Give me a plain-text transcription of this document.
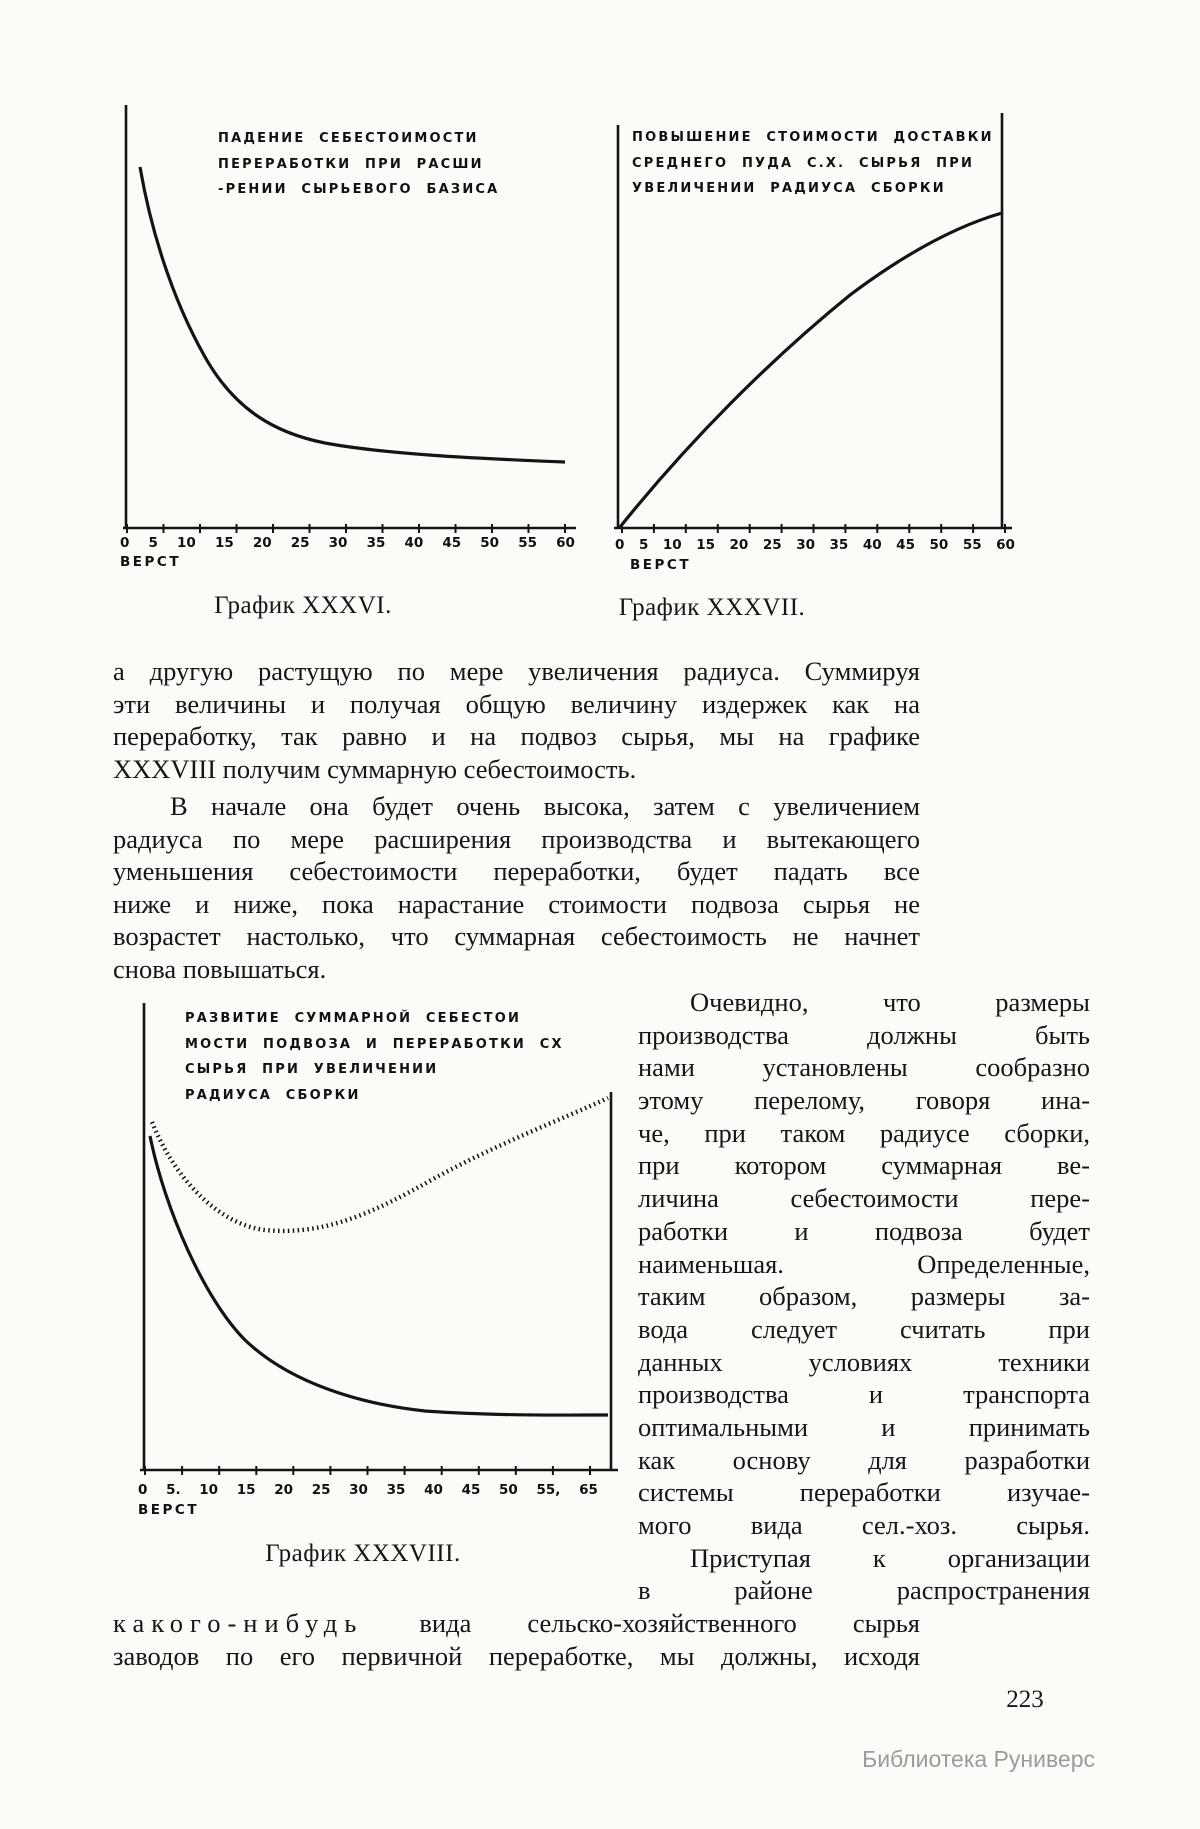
ПАДЕНИЕ СЕБЕСТОИМОСТИ
ПЕРЕРАБОТКИ ПРИ РАСШИ
-РЕНИИ СЫРЬЕВОГО БАЗИСА
0 5 10 15 20 25 30 35 40 45 50 55 60
ВЕРСТ
График XXXVI.
ПОВЫШЕНИЕ СТОИМОСТИ ДОСТАВКИ
СРЕДНЕГО ПУДА С.Х. СЫРЬЯ ПРИ
УВЕЛИЧЕНИИ РАДИУСА СБОРКИ
0 5 10 15 20 25 30 35 40 45 50 55 60
ВЕРСТ
График XXXVII.
а другую растущую по мере увеличения радиуса. Суммируя
эти величины и получая общую величину издержек как на
переработку, так равно и на подвоз сырья, мы на графике
XXXVIII получим суммарную себестоимость.
В начале она будет очень высока, затем с увеличением
радиуса по мере расширения производства и вытекающего
уменьшения себестоимости переработки, будет падать все
ниже и ниже, пока нарастание стоимости подвоза сырья не
возрастет настолько, что суммарная себестоимость не начнет
снова повышаться.
РАЗВИТИЕ СУММАРНОЙ СЕБЕСТОИ
МОСТИ ПОДВОЗА И ПЕРЕРАБОТКИ СХ
СЫРЬЯ ПРИ УВЕЛИЧЕНИИ
РАДИУСА СБОРКИ
0 5. 10 15 20 25 30 35 40 45 50 55, 65
ВЕРСТ
График XXXVIII.
Очевидно, что размеры
производства должны быть
нами установлены сообразно
этому перелому, говоря ина-
че, при таком радиусе сборки,
при котором суммарная ве-
личина себестоимости пере-
работки и подвоза будет
наименьшая. Определенные,
таким образом, размеры за-
вода следует считать при
данных условиях техники
производства и транспорта
оптимальными и принимать
как основу для разработки
системы переработки изучае-
мого вида сел.-хоз. сырья.
Приступая к организации
в районе распространения
какого-нибудь вида сельско-хозяйственного сырья
заводов по его первичной переработке, мы должны, исходя
223
Библиотека Руниверс
